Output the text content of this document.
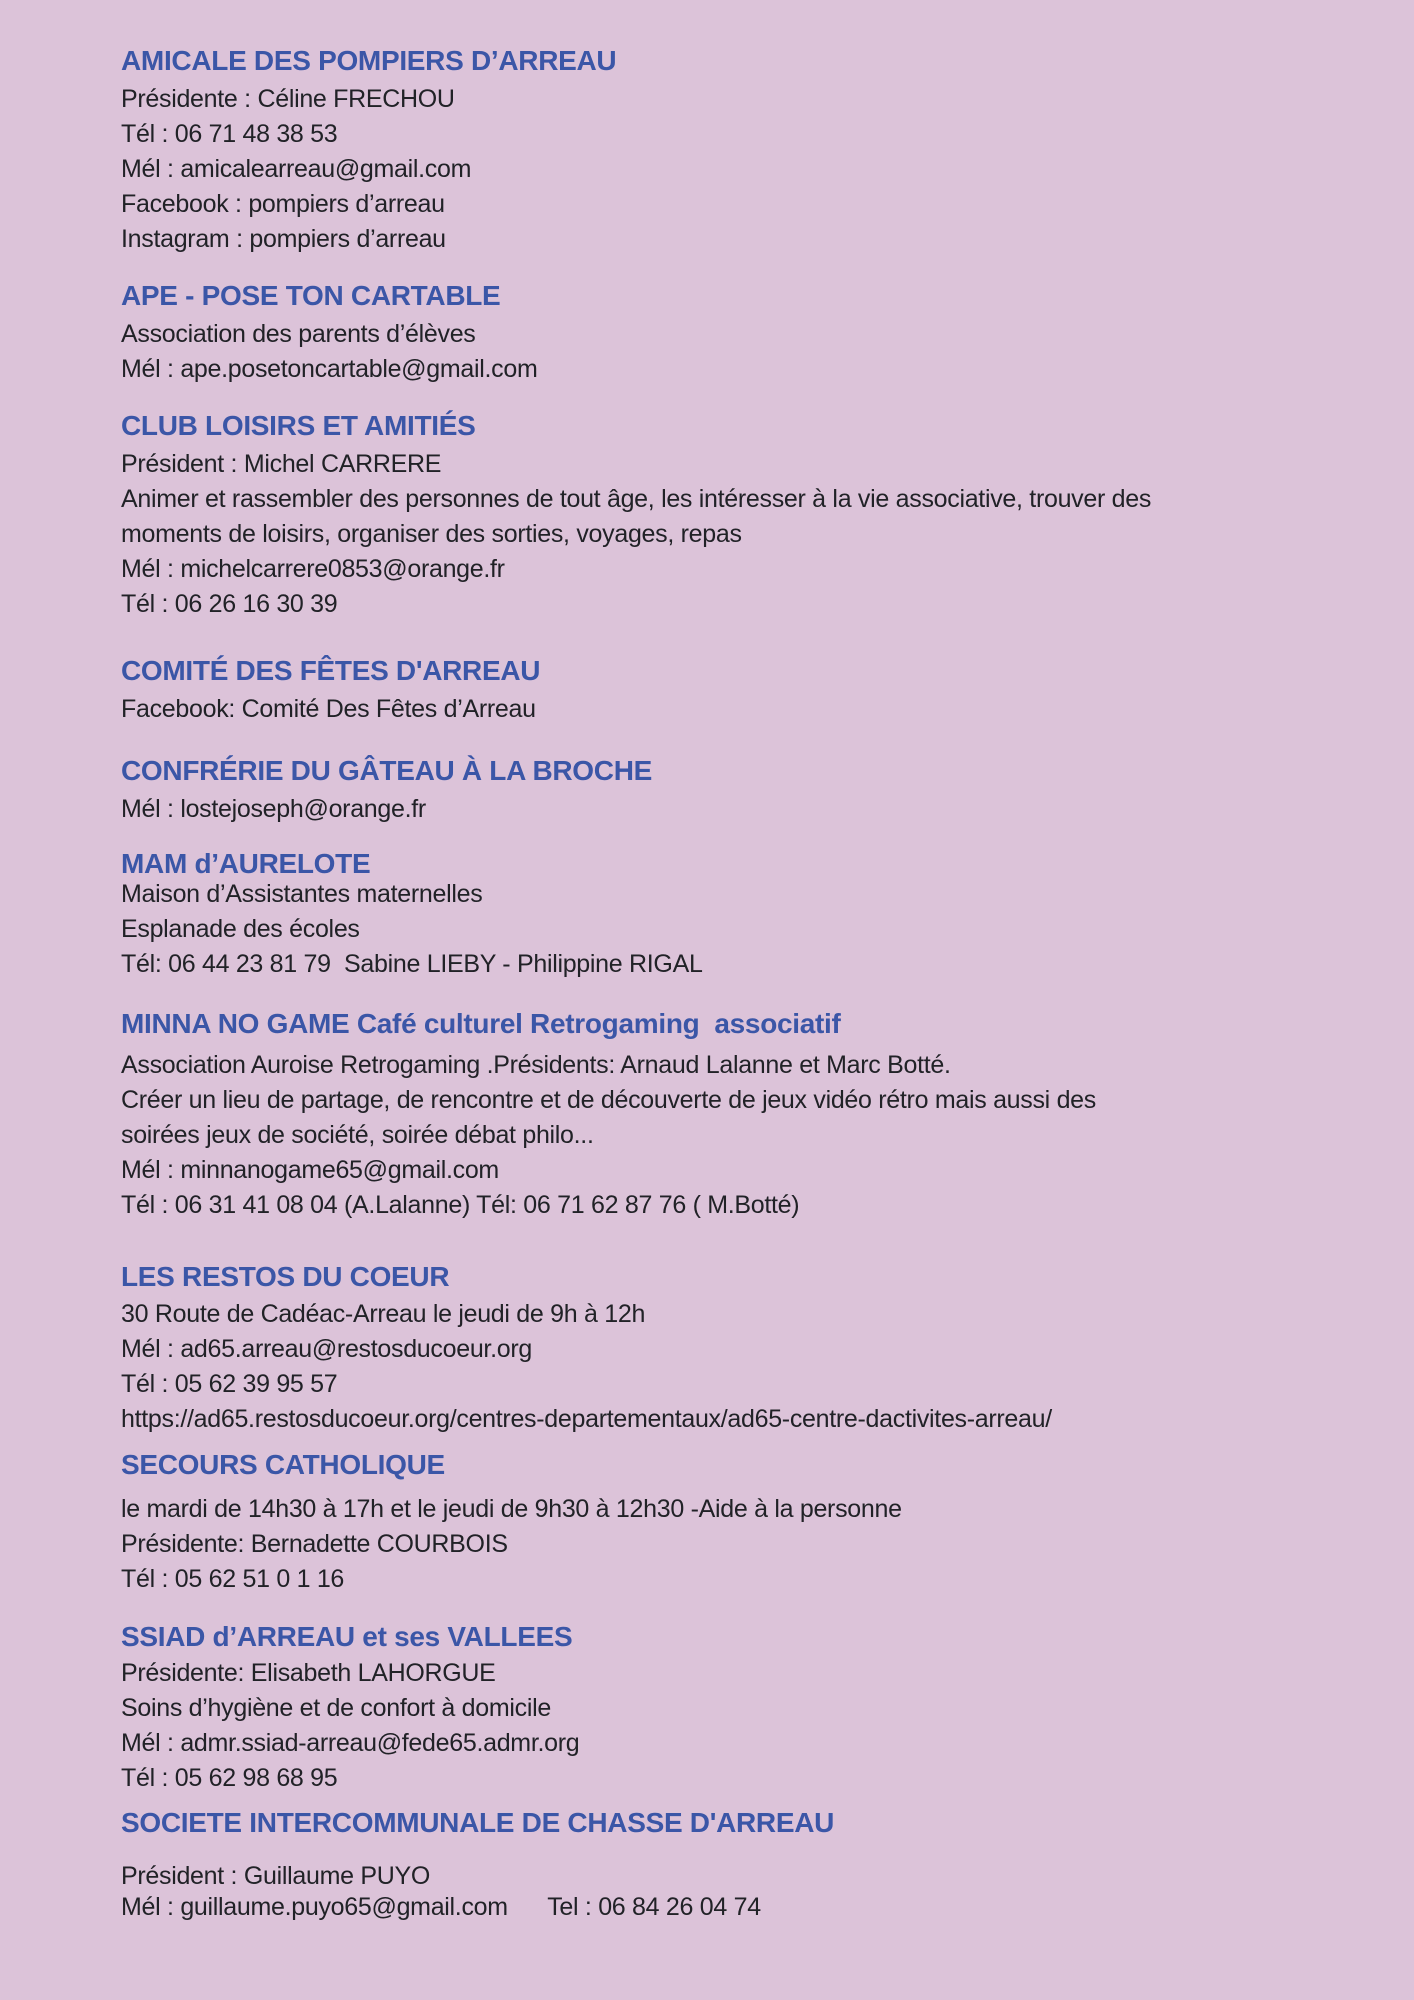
AMICALE DES POMPIERS D’ARREAU

Présidente : Céline FRECHOU

Tél : 06 71 48 38 53

Mél : amicalearreau@gmail.com

Facebook : pompiers d’arreau

Instagram : pompiers d’arreau

APE - POSE TON CARTABLE

Association des parents d’élèves

Mél : ape.posetoncartable@gmail.com

CLUB LOISIRS ET AMITIÉS

Président : Michel CARRERE

Animer et rassembler des personnes de tout âge, les intéresser à la vie associative, trouver des

moments de loisirs, organiser des sorties, voyages, repas

Mél : michelcarrere0853@orange.fr

Tél : 06 26 16 30 39

COMITÉ DES FÊTES D'ARREAU

Facebook: Comité Des Fêtes d’Arreau

CONFRÉRIE DU GÂTEAU À LA BROCHE

Mél : lostejoseph@orange.fr

MAM d’AURELOTE

Maison d’Assistantes maternelles

Esplanade des écoles

Tél: 06 44 23 81 79  Sabine LIEBY - Philippine RIGAL

MINNA NO GAME Café culturel Retrogaming  associatif

Association Auroise Retrogaming .Présidents: Arnaud Lalanne et Marc Botté.

Créer un lieu de partage, de rencontre et de découverte de jeux vidéo rétro mais aussi des

soirées jeux de société, soirée débat philo...

Mél : minnanogame65@gmail.com

Tél : 06 31 41 08 04 (A.Lalanne) Tél: 06 71 62 87 76 ( M.Botté)

LES RESTOS DU COEUR

30 Route de Cadéac-Arreau le jeudi de 9h à 12h

Mél : ad65.arreau@restosducoeur.org

Tél : 05 62 39 95 57

https://ad65.restosducoeur.org/centres-departementaux/ad65-centre-dactivites-arreau/

SECOURS CATHOLIQUE

le mardi de 14h30 à 17h et le jeudi de 9h30 à 12h30 -Aide à la personne

Présidente: Bernadette COURBOIS

Tél : 05 62 51 0 1 16

SSIAD d’ARREAU et ses VALLEES

Présidente: Elisabeth LAHORGUE

Soins d’hygiène et de confort à domicile

Mél : admr.ssiad-arreau@fede65.admr.org

Tél : 05 62 98 68 95

SOCIETE INTERCOMMUNALE DE CHASSE D'ARREAU

Président : Guillaume PUYO

Mél : guillaume.puyo65@gmail.com      Tel : 06 84 26 04 74
